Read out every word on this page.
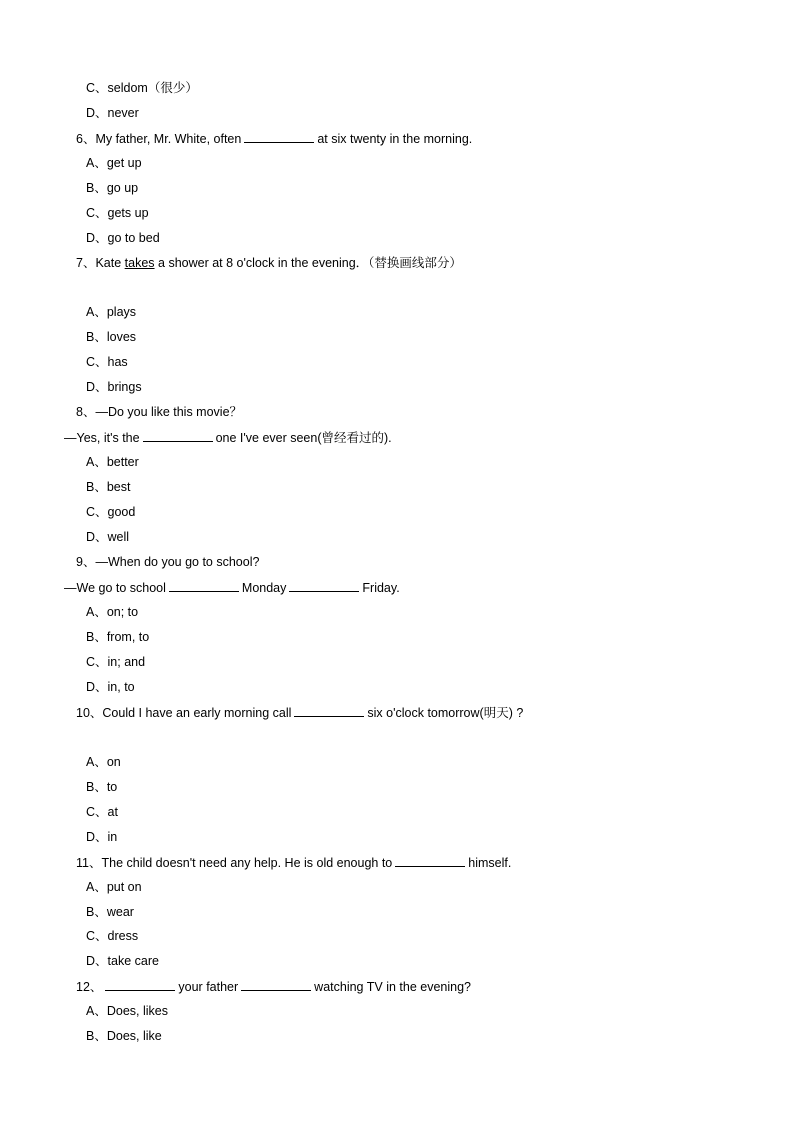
C、seldom（很少）
D、never
6、My father, Mr. White, often	at six twenty in the morning.
A、get up
B、go up
C、gets up
D、go to bed
7、Kate takes a shower at 8 o'clock in the evening．（替换画线部分）
A、plays
B、loves
C、has
D、brings
8、—Do you like this movie？
—Yes, it's the	one I've ever seen(曾经看过的).
A、better
B、best
C、good
D、well
9、—When do you go to school?
—We go to school	Monday	Friday.
A、on; to
B、from, to
C、in; and
D、in, to
10、Could I have an early morning call	six o'clock tomorrow(明天) ?
A、on
B、to
C、at
D、in
11、The child doesn't need any help. He is old enough to	himself.
A、put on
B、wear
C、dress
D、take care
12、	your father	watching TV in the evening?
A、Does, likes
B、Does, like
